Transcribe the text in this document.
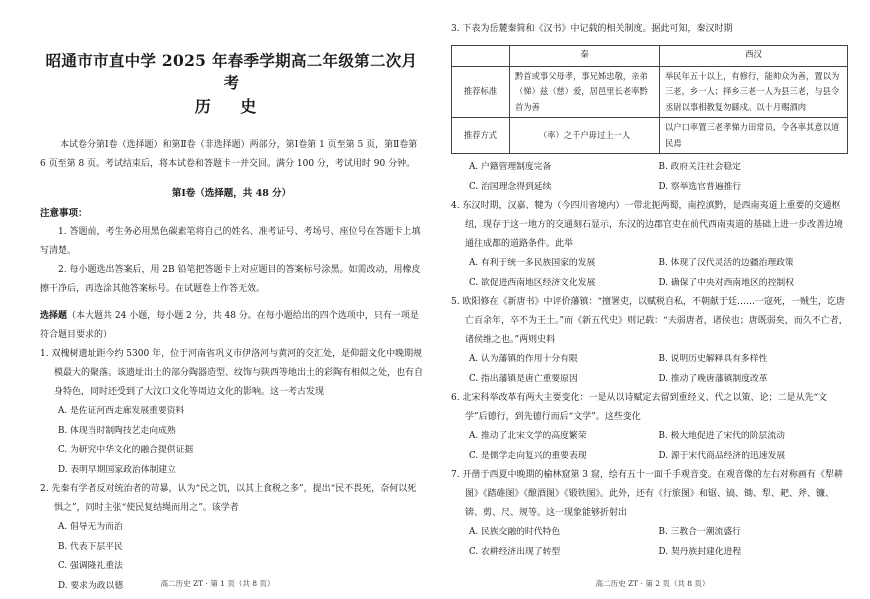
昭通市市直中学 2025 年春季学期高二年级第二次月考
历 史
本试卷分第Ⅰ卷（选择题）和第Ⅱ卷（非选择题）两部分，第Ⅰ卷第 1 页至第 5 页，第Ⅱ卷第 6 页至第 8 页。考试结束后，将本试卷和答题卡一并交回。满分 100 分，考试用时 90 分钟。
第Ⅰ卷（选择题，共 48 分）
注意事项：
1. 答题前，考生务必用黑色碳素笔将自己的姓名、准考证号、考场号、座位号在答题卡上填写清楚。
2. 每小题选出答案后，用 2B 铅笔把答题卡上对应题目的答案标号涂黑。如需改动，用橡皮擦干净后，再选涂其他答案标号。在试题卷上作答无效。
选择题（本大题共 24 小题，每小题 2 分，共 48 分。在每小题给出的四个选项中，只有一项是符合题目要求的）
1. 双槐树遗址距今约 5300 年，位于河南省巩义市伊洛河与黄河的交汇处，是仰韶文化中晚期规模最大的聚落。该遗址出土的部分陶器造型、纹饰与陕西等地出土的彩陶有相似之处，也有自身特色，同时还受到了大汶口文化等周边文化的影响。这一考古发现
A. 是佐证河西走廊发展重要资料
B. 体现当时制陶技艺走向成熟
C. 为研究中华文化的融合提供证据
D. 表明早期国家政治体制建立
2. 先秦有学者反对统治者的苛暴，认为“民之饥，以其上食税之多”，提出“民不畏死，奈何以死惧之”，同时主张“使民复结绳而用之”。该学者
A. 倡导无为而治
B. 代表下层平民
C. 强调隆礼重法
D. 要求为政以德	高二历史 ZT · 第 1 页（共 8 页）
3. 下表为岳麓秦简和《汉书》中记载的相关制度。据此可知，秦汉时期
	秦	西汉
推荐标准	黔首或事父母孝，事兄姊忠敬，亲弟（悌）兹（慈）爱，居邑里长老率黔首为善	举民年五十以上，有修行，能帅众为善，置以为三老，乡一人；择乡三老一人为县三老，与县令丞尉以事相教复勿繇戍。以十月赐酒肉
推荐方式	（率）之千户毋过上一人	以户口率置三老孝悌力田常员，令各率其意以道民焉
A. 户籍管理制度完备	B. 政府关注社会稳定
C. 治国理念得到延续	D. 察举选官普遍推行
4. 东汉时期，汉嘉、犍为（今四川省境内）一带北扼两蜀，南控滇黔，是西南夷道上重要的交通枢纽，现存于这一地方的交通刻石显示，东汉的边郡官吏在前代西南夷道的基础上进一步改善边境通往成都的道路条件。此举
A. 有利于统一多民族国家的发展	B. 体现了汉代灵活的边疆治理政策
C. 欲促进西南地区经济文化发展	D. 确保了中央对西南地区的控制权
5. 欧阳修在《新唐书》中评价藩镇：“擅署吏，以赋税自私，不朝献于廷……一寇死，一贼生，讫唐亡百余年，卒不为王土。”而《新五代史》则记载：“夫弱唐者，诸侯也；唐既弱矣，而久不亡者，诸侯维之也。”两则史料
A. 认为藩镇的作用十分有限	B. 说明历史解释具有多样性
C. 指出藩镇是唐亡重要原因	D. 推动了晚唐藩镇制度改革
6. 北宋科举改革有两大主要变化：一是从以诗赋定去留到重经义、代之以策、论；二是从先“文学”后德行，到先德行而后“文学”。这些变化
A. 推动了北宋文学的高度繁荣	B. 极大地促进了宋代的阶层流动
C. 是儒学走向复兴的重要表现	D. 源于宋代商品经济的迅速发展
7. 开凿于西夏中晚期的榆林窟第 3 窟，绘有五十一面千手观音变。在观音像的左右对称画有《犁耕图》《踏碓图》《酿酒图》《锻铁图》。此外，还有《行旅图》和锯、镐、锄、犁、耙、斧、镰、锛、剪、尺、规等。这一现象能够折射出
A. 民族交融的时代特色	B. 三教合一潮流盛行
C. 农耕经济出现了转型	D. 契丹族封建化进程
高二历史 ZT · 第 2 页（共 8 页）
